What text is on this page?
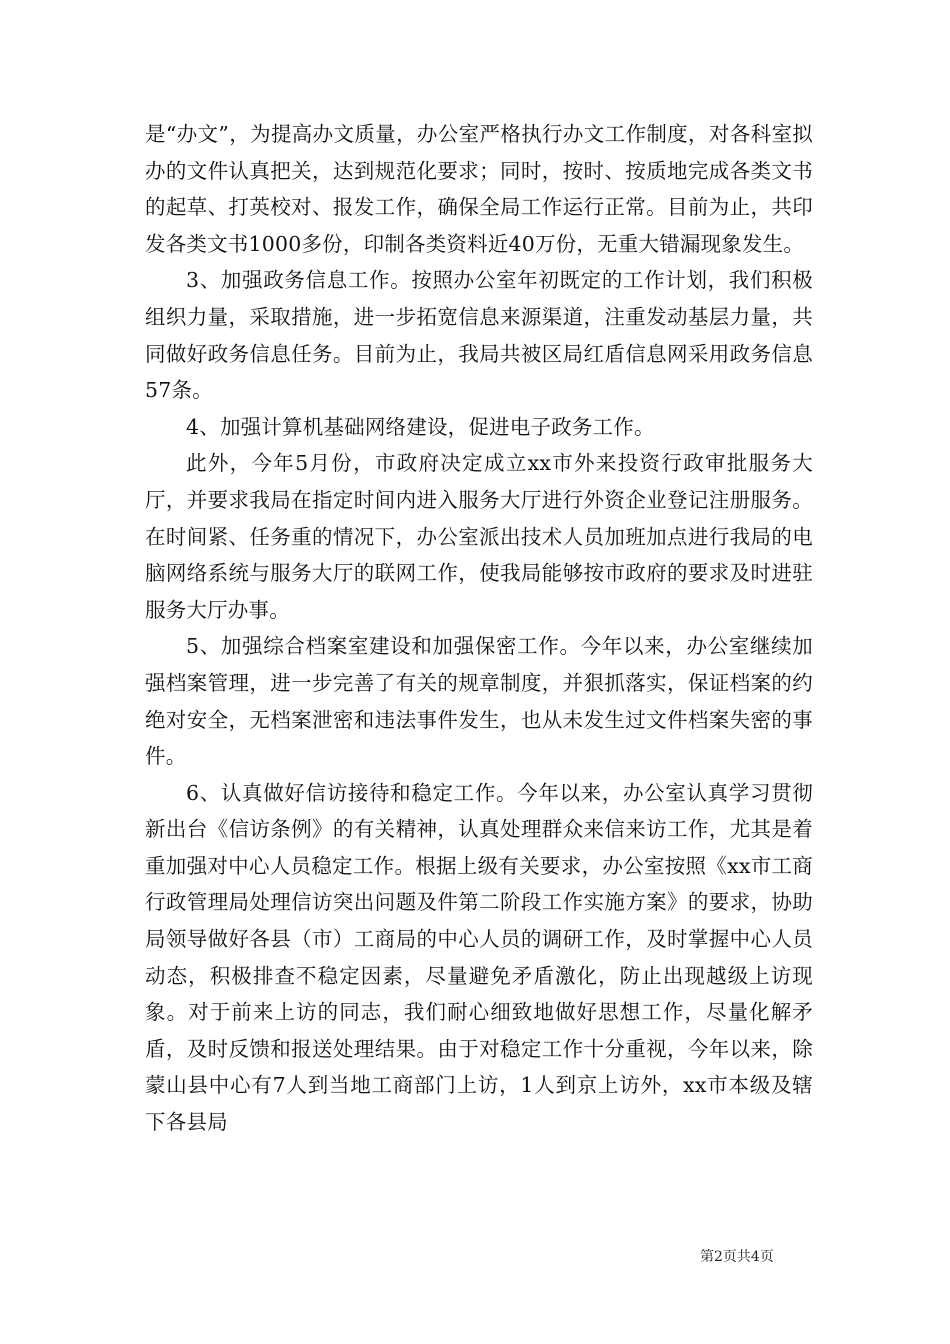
是“办文”，为提高办文质量，办公室严格执行办文工作制度，对各科室拟办的文件认真把关，达到规范化要求；同时，按时、按质地完成各类文书的起草、打英校对、报发工作，确保全局工作运行正常。目前为止，共印发各类文书1000多份，印制各类资料近40万份，无重大错漏现象发生。

3、加强政务信息工作。按照办公室年初既定的工作计划，我们积极组织力量，采取措施，进一步拓宽信息来源渠道，注重发动基层力量，共同做好政务信息任务。目前为止，我局共被区局红盾信息网采用政务信息57条。

4、加强计算机基础网络建设，促进电子政务工作。

此外，今年5月份，市政府决定成立xx市外来投资行政审批服务大厅，并要求我局在指定时间内进入服务大厅进行外资企业登记注册服务。在时间紧、任务重的情况下，办公室派出技术人员加班加点进行我局的电脑网络系统与服务大厅的联网工作，使我局能够按市政府的要求及时进驻服务大厅办事。

5、加强综合档案室建设和加强保密工作。今年以来，办公室继续加强档案管理，进一步完善了有关的规章制度，并狠抓落实，保证档案的约绝对安全，无档案泄密和违法事件发生，也从未发生过文件档案失密的事件。

6、认真做好信访接待和稳定工作。今年以来，办公室认真学习贯彻新出台《信访条例》的有关精神，认真处理群众来信来访工作，尤其是着重加强对中心人员稳定工作。根据上级有关要求，办公室按照《xx市工商行政管理局处理信访突出问题及件第二阶段工作实施方案》的要求，协助局领导做好各县（市）工商局的中心人员的调研工作，及时掌握中心人员动态，积极排查不稳定因素，尽量避免矛盾激化，防止出现越级上访现象。对于前来上访的同志，我们耐心细致地做好思想工作，尽量化解矛盾，及时反馈和报送处理结果。由于对稳定工作十分重视，今年以来，除蒙山县中心有7人到当地工商部门上访，1人到京上访外，xx市本级及辖下各县局

第2页共4页
